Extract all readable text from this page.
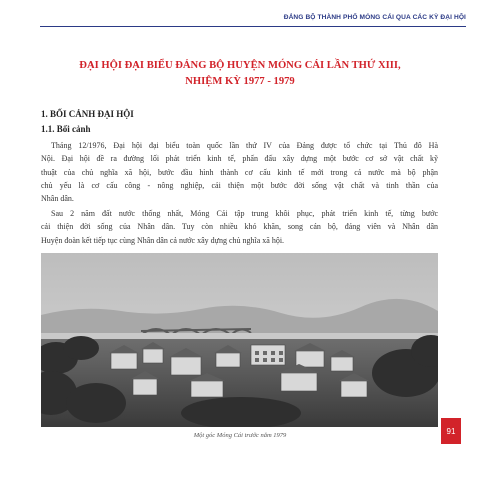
ĐẢNG BỘ THÀNH PHỐ MÓNG CÁI QUA CÁC KỲ ĐẠI HỘI
ĐẠI HỘI ĐẠI BIỂU ĐẢNG BỘ HUYỆN MÓNG CÁI LẦN THỨ XIII,
NHIỆM KỲ 1977 - 1979
1. BỐI CẢNH ĐẠI HỘI
1.1. Bối cảnh
Tháng 12/1976, Đại hội đại biểu toàn quốc lần thứ IV của Đảng được tổ chức tại Thủ đô Hà
Nội. Đại hội đề ra đường lối phát triển kinh tế, phấn đấu xây dựng một bước cơ sở vật chất kỹ
thuật của chủ nghĩa xã hội, bước đầu hình thành cơ cấu kinh tế mới trong cả nước mà bộ phận
chủ yếu là cơ cấu công - nông nghiệp, cải thiện một bước đời sống vật chất và tinh thần của
Nhân dân.
Sau 2 năm đất nước thống nhất, Móng Cái tập trung khôi phục, phát triển kinh tế, từng bước
cải thiện đời sống của Nhân dân. Tuy còn nhiều khó khăn, song cán bộ, đảng viên và Nhân dân
Huyện đoàn kết tiếp tục cùng Nhân dân cả nước xây dựng chủ nghĩa xã hội.
Một góc Móng Cái trước năm 1979	91
